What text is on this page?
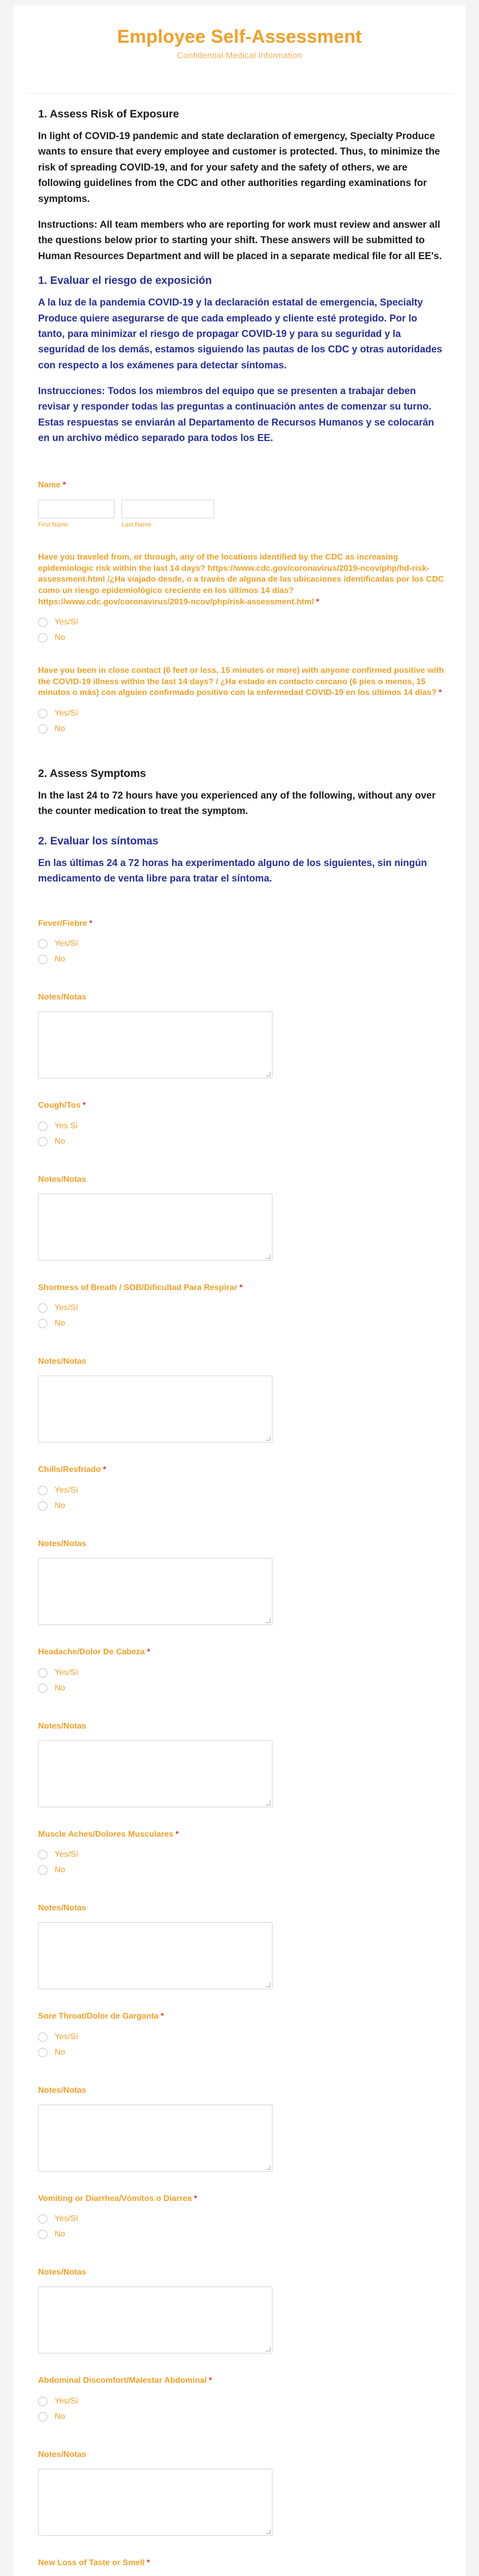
Employee Self-Assessment
Confidential Medical Information
1. Assess Risk of Exposure
In light of COVID-19 pandemic and state declaration of emergency, Specialty Produce wants to ensure that every employee and customer is protected. Thus, to minimize the risk of spreading COVID-19, and for your safety and the safety of others, we are following guidelines from the CDC and other authorities regarding examinations for symptoms.
Instructions: All team members who are reporting for work must review and answer all the questions below prior to starting your shift. These answers will be submitted to Human Resources Department and will be placed in a separate medical file for all EE's.
1. Evaluar el riesgo de exposición
A la luz de la pandemia COVID-19 y la declaración estatal de emergencia, Specialty Produce quiere asegurarse de que cada empleado y cliente esté protegido. Por lo tanto, para minimizar el riesgo de propagar COVID-19 y para su seguridad y la seguridad de los demás, estamos siguiendo las pautas de los CDC y otras autoridades con respecto a los exámenes para detectar síntomas.
Instrucciones: Todos los miembros del equipo que se presenten a trabajar deben revisar y responder todas las preguntas a continuación antes de comenzar su turno. Estas respuestas se enviarán al Departamento de Recursos Humanos y se colocarán en un archivo médico separado para todos los EE.
Name *
First Name	Last Name
Have you traveled from, or through, any of the locations identified by the CDC as increasing epidemiologic risk within the last 14 days? https://www.cdc.gov/coronavirus/2019-ncov/php/hd-risk-assessment.html /¿Ha viajado desde, o a través de alguna de las ubicaciones identificadas por los CDC como un riesgo epidemiológico creciente en los últimos 14 días? https://www.cdc.gov/coronavirus/2019-ncov/php/risk-assessment.html *
Yes/Sí
No
Have you been in close contact (6 feet or less, 15 minutes or more) with anyone confirmed positive with the COVID-19 illness within the last 14 days? / ¿Ha estado en contacto cercano (6 pies o menos, 15 minutos o más) con alguien confirmado positivo con la enfermedad COVID-19 en los últimos 14 días? *
Yes/Sí
No
2. Assess Symptoms
In the last 24 to 72 hours have you experienced any of the following, without any over the counter medication to treat the symptom.
2. Evaluar los síntomas
En las últimas 24 a 72 horas ha experimentado alguno de los siguientes, sin ningún medicamento de venta libre para tratar el síntoma.
Fever/Fiebre *
Yes/Sí
No
Notes/Notas
Cough/Tos *
Yes Si
No
Notes/Notas
Shortness of Breath / SOB/Dificultad Para Respirar *
Yes/Sí
No
Notes/Notas
Chills/Resfriado *
Yes/Sí
No
Notes/Notas
Headache/Dolor De Cabeza *
Yes/Sí
No
Notes/Notas
Muscle Aches/Dolores Musculares *
Yes/Sí
No
Notes/Notas
Sore Throat/Dolor de Garganta *
Yes/Sí
No
Notes/Notas
Vomiting or Diarrhea/Vómitos o Diarrea *
Yes/Sí
No
Notes/Notas
Abdominal Discomfort/Malestar Abdominal *
Yes/Sí
No
Notes/Notas
New Loss of Taste or Smell *
